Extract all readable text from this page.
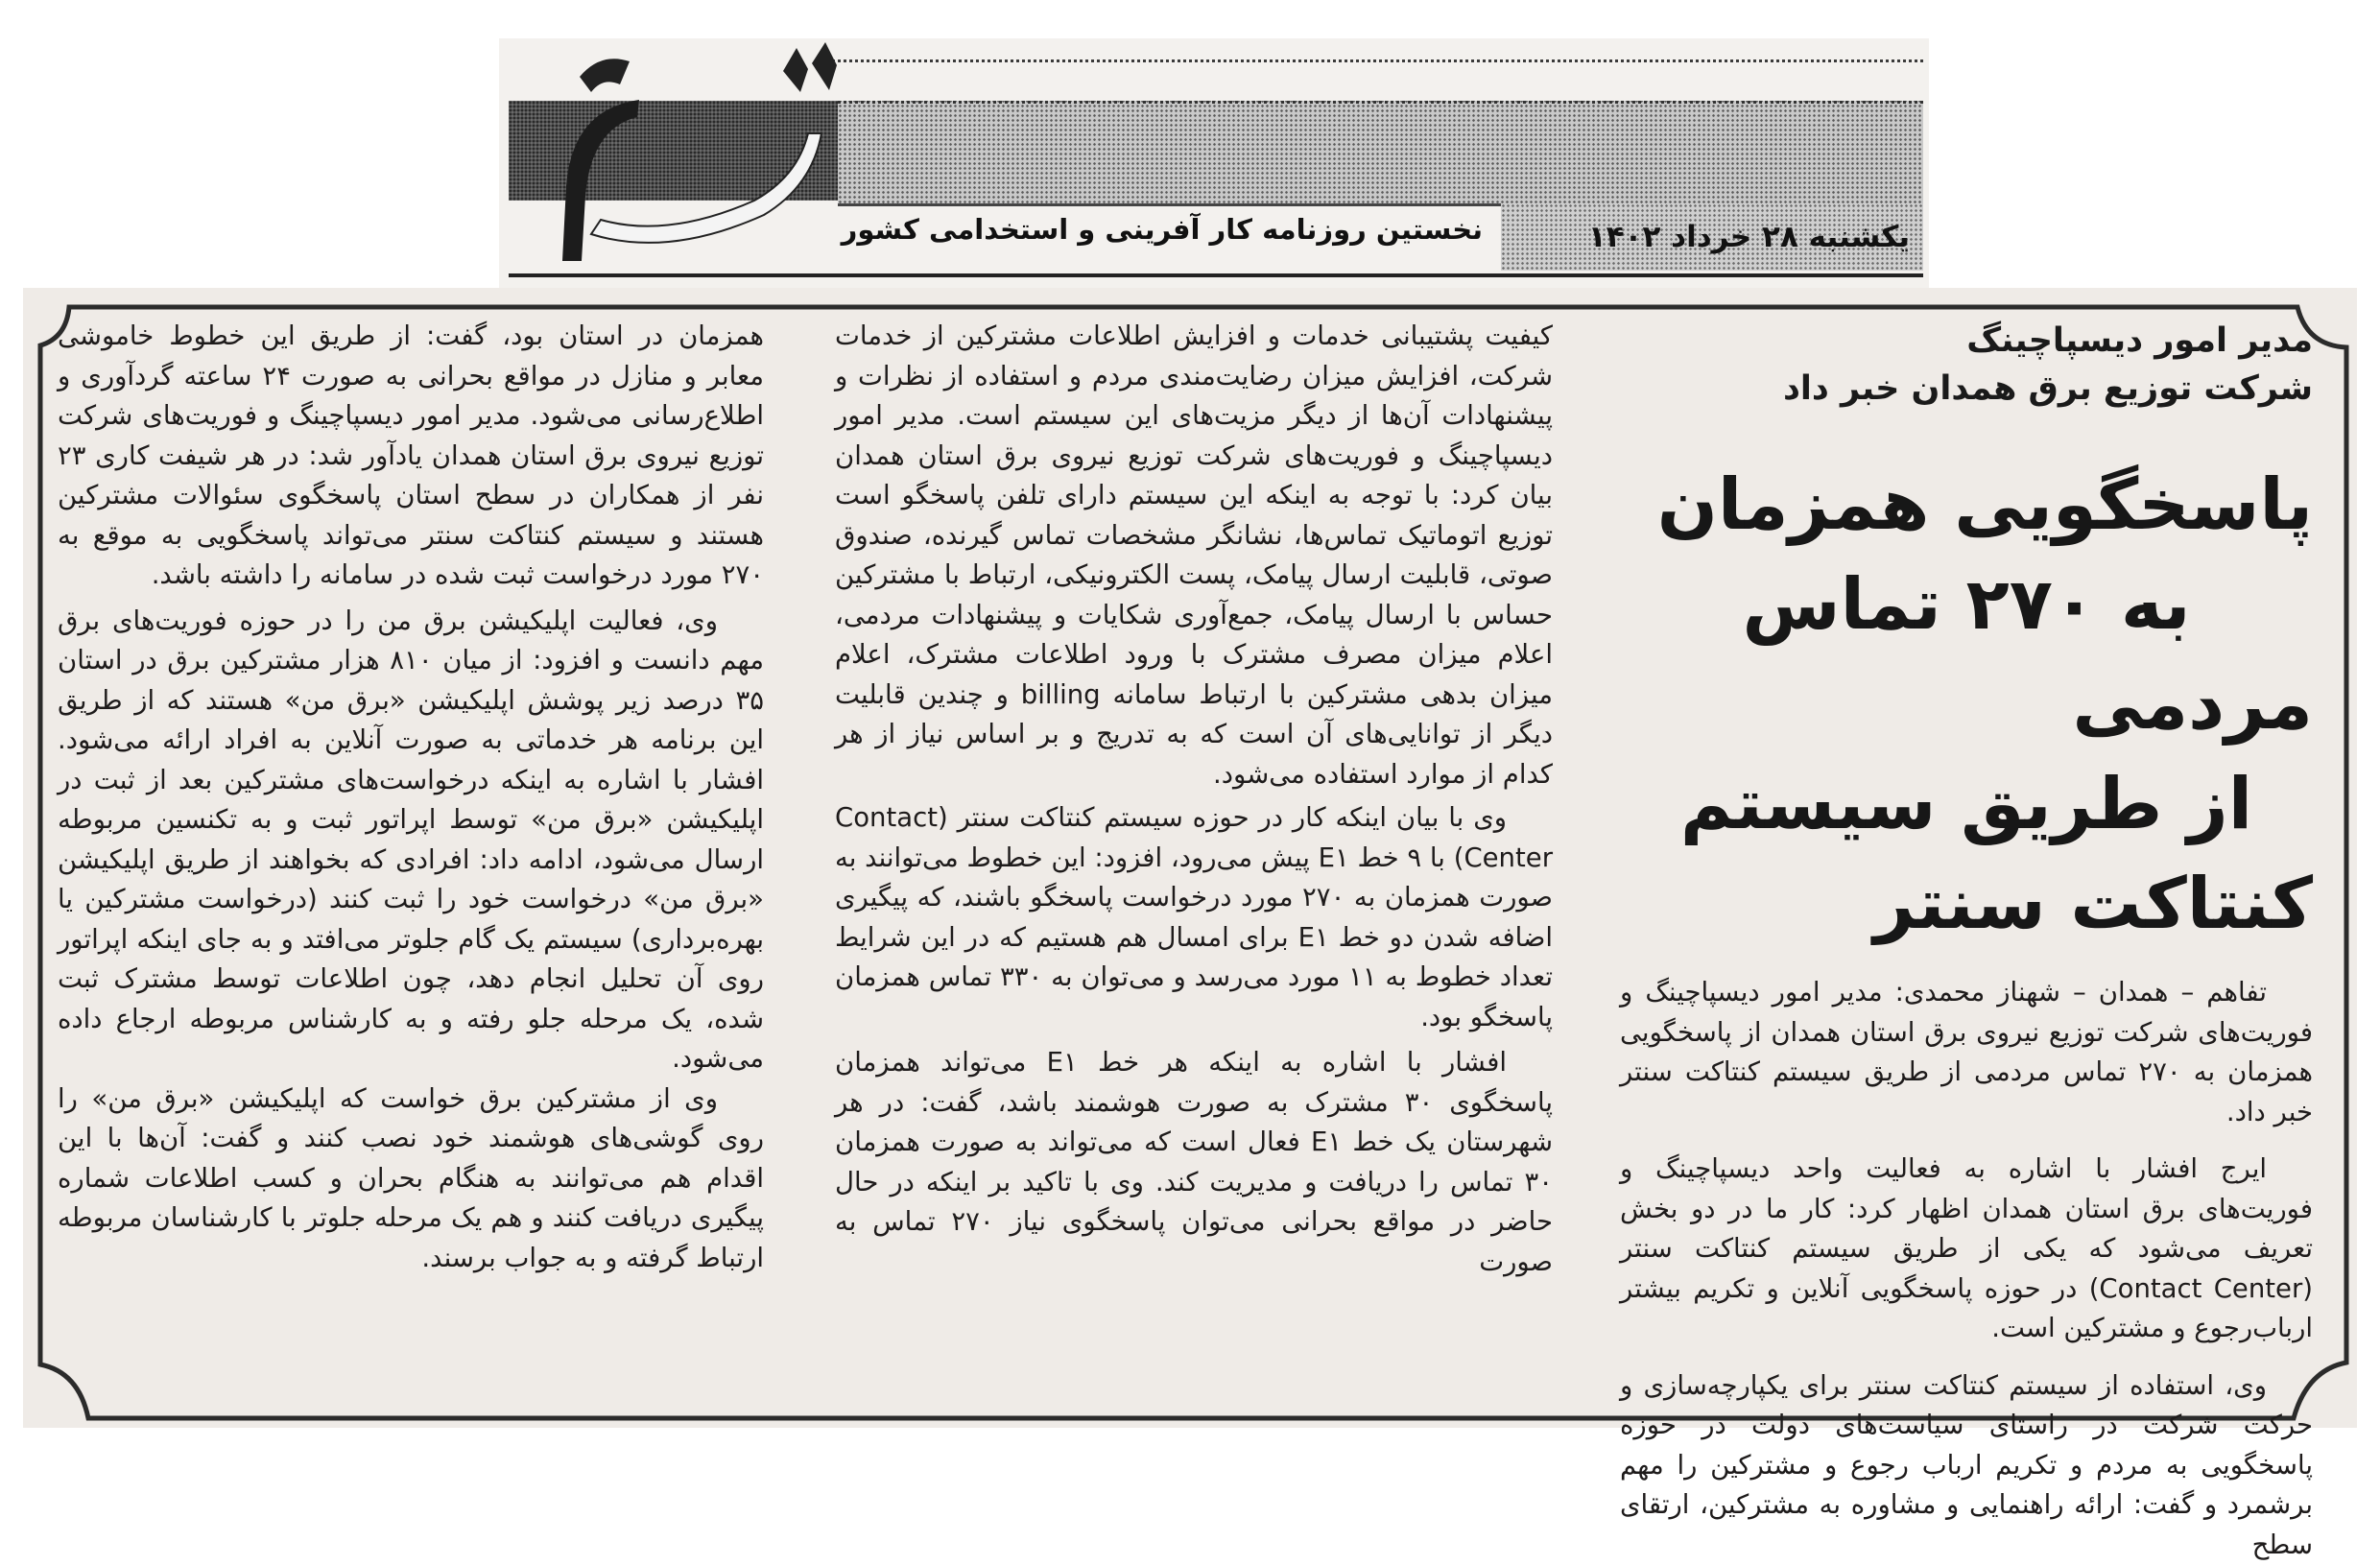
یکشنبه ۲۸ خرداد ۱۴۰۲
نخستین روزنامه کار آفرینی و استخدامی کشور
مدیر امور دیسپاچینگ
شرکت توزیع برق همدان خبر داد
پاسخگویی همزمان
به ۲۷۰ تماس مردمی
از طریق سیستم کنتاکت سنتر

تفاهم – همدان – شهناز محمدی: مدیر امور دیسپاچینگ و فوریت‌های شرکت توزیع نیروی برق استان همدان از پاسخگویی همزمان به ۲۷۰ تماس مردمی از طریق سیستم کنتاکت سنتر خبر داد.

ایرج افشار با اشاره به فعالیت واحد دیسپاچینگ و فوریت‌های برق استان همدان اظهار کرد: کار ما در دو بخش تعریف می‌شود که یکی از طریق سیستم کنتاکت سنتر (Contact Center) در حوزه پاسخگویی آنلاین و تکریم بیشتر ارباب‌رجوع و مشترکین است.

وی، استفاده از سیستم کنتاکت سنتر برای یکپارچه‌سازی و حرکت شرکت در راستای سیاست‌های دولت در حوزه پاسخگویی به مردم و تکریم ارباب رجوع و مشترکین را مهم برشمرد و گفت: ارائه راهنمایی و مشاوره به مشترکین، ارتقای سطح

کیفیت پشتیبانی خدمات و افزایش اطلاعات مشترکین از خدمات شرکت، افزایش میزان رضایت‌مندی مردم و استفاده از نظرات و پیشنهادات آن‌ها از دیگر مزیت‌های این سیستم است. مدیر امور دیسپاچینگ و فوریت‌های شرکت توزیع نیروی برق استان همدان بیان کرد: با توجه به اینکه این سیستم دارای تلفن پاسخگو است توزیع اتوماتیک تماس‌ها، نشانگر مشخصات تماس گیرنده، صندوق صوتی، قابلیت ارسال پیامک، پست الکترونیکی، ارتباط با مشترکین حساس با ارسال پیامک، جمع‌آوری شکایات و پیشنهادات مردمی، اعلام میزان مصرف مشترک با ورود اطلاعات مشترک، اعلام میزان بدهی مشترکین با ارتباط سامانه billing و چندین قابلیت دیگر از توانایی‌های آن است که به تدریج و بر اساس نیاز از هر کدام از موارد استفاده می‌شود.

وی با بیان اینکه کار در حوزه سیستم کنتاکت سنتر (Contact Center) با ۹ خط E۱ پیش می‌رود، افزود: این خطوط می‌توانند به صورت همزمان به ۲۷۰ مورد درخواست پاسخگو باشند، که پیگیری اضافه شدن دو خط E۱ برای امسال هم هستیم که در این شرایط تعداد خطوط به ۱۱ مورد می‌رسد و می‌توان به ۳۳۰ تماس همزمان پاسخگو بود.

افشار با اشاره به اینکه هر خط E۱ می‌تواند همزمان پاسخگوی ۳۰ مشترک به صورت هوشمند باشد، گفت: در هر شهرستان یک خط E۱ فعال است که می‌تواند به صورت همزمان ۳۰ تماس را دریافت و مدیریت کند. وی با تاکید بر اینکه در حال حاضر در مواقع بحرانی می‌توان پاسخگوی نیاز ۲۷۰ تماس به صورت

همزمان در استان بود، گفت: از طریق این خطوط خاموشی معابر و منازل در مواقع بحرانی به صورت ۲۴ ساعته گردآوری و اطلاع‌رسانی می‌شود. مدیر امور دیسپاچینگ و فوریت‌های شرکت توزیع نیروی برق استان همدان یادآور شد: در هر شیفت کاری ۲۳ نفر از همکاران در سطح استان پاسخگوی سئوالات مشترکین هستند و سیستم کنتاکت سنتر می‌تواند پاسخگویی به موقع به ۲۷۰ مورد درخواست ثبت شده در سامانه را داشته باشد.

وی، فعالیت اپلیکیشن برق من را در حوزه فوریت‌های برق مهم دانست و افزود: از میان ۸۱۰ هزار مشترکین برق در استان ۳۵ درصد زیر پوشش اپلیکیشن «برق من» هستند که از طریق این برنامه هر خدماتی به صورت آنلاین به افراد ارائه می‌شود. افشار با اشاره به اینکه درخواست‌های مشترکین بعد از ثبت در اپلیکیشن «برق من» توسط اپراتور ثبت و به تکنسین مربوطه ارسال می‌شود، ادامه داد: افرادی که بخواهند از طریق اپلیکیشن «برق من» درخواست خود را ثبت کنند (درخواست مشترکین یا بهره‌برداری) سیستم یک گام جلوتر می‌افتد و به جای اینکه اپراتور روی آن تحلیل انجام دهد، چون اطلاعات توسط مشترک ثبت شده، یک مرحله جلو رفته و به کارشناس مربوطه ارجاع داده می‌شود.

وی از مشترکین برق خواست که اپلیکیشن «برق من» را روی گوشی‌های هوشمند خود نصب کنند و گفت: آن‌ها با این اقدام هم می‌توانند به هنگام بحران و کسب اطلاعات شماره پیگیری دریافت کنند و هم یک مرحله جلوتر با کارشناسان مربوطه ارتباط گرفته و به جواب برسند.
